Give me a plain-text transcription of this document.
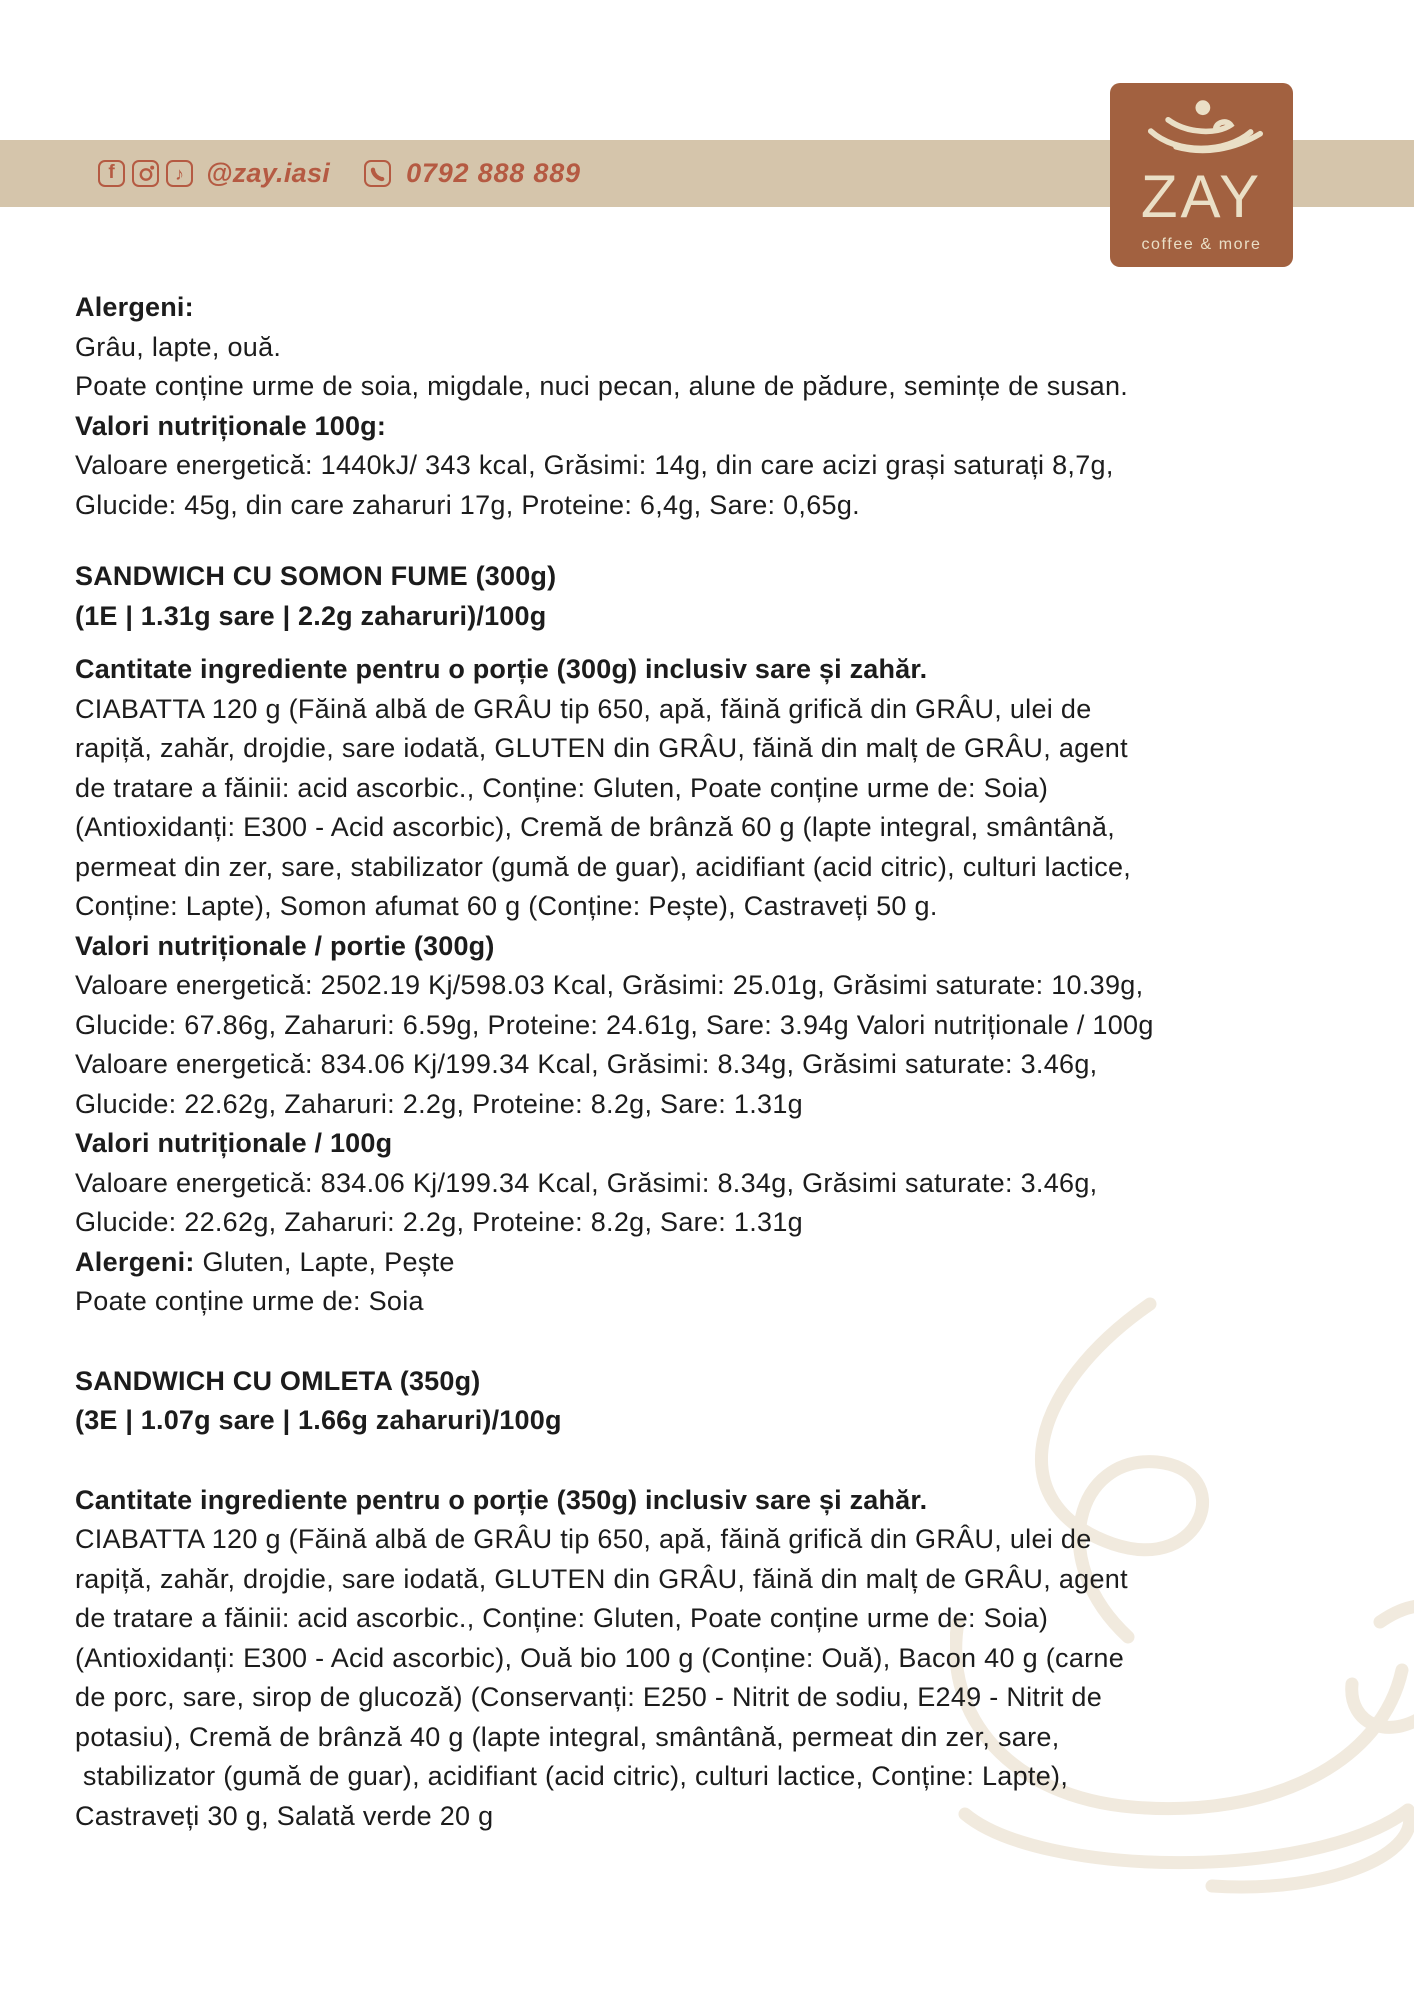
f	♪ @zay.iasi	0792 888 889	ZAY
coffee & more
Alergeni:
Grâu, lapte, ouă.
Poate conține urme de soia, migdale, nuci pecan, alune de pădure, semințe de susan.
Valori nutriționale 100g:
Valoare energetică: 1440kJ/ 343 kcal, Grăsimi: 14g, din care acizi grași saturați 8,7g,
Glucide: 45g, din care zaharuri 17g, Proteine: 6,4g, Sare: 0,65g.
SANDWICH CU SOMON FUME (300g)
(1E | 1.31g sare | 2.2g zaharuri)/100g
Cantitate ingrediente pentru o porție (300g) inclusiv sare și zahăr.
CIABATTA 120 g (Făină albă de GRÂU tip 650, apă, făină grifică din GRÂU, ulei de
rapiță, zahăr, drojdie, sare iodată, GLUTEN din GRÂU, făină din malț de GRÂU, agent
de tratare a făinii: acid ascorbic., Conține: Gluten, Poate conține urme de: Soia)
(Antioxidanți: E300 - Acid ascorbic), Cremă de brânză 60 g (lapte integral, smântână,
permeat din zer, sare, stabilizator (gumă de guar), acidifiant (acid citric), culturi lactice,
Conține: Lapte), Somon afumat 60 g (Conține: Pește), Castraveți 50 g.
Valori nutriționale / portie (300g)
Valoare energetică: 2502.19 Kj/598.03 Kcal, Grăsimi: 25.01g, Grăsimi saturate: 10.39g,
Glucide: 67.86g, Zaharuri: 6.59g, Proteine: 24.61g, Sare: 3.94g Valori nutriționale / 100g
Valoare energetică: 834.06 Kj/199.34 Kcal, Grăsimi: 8.34g, Grăsimi saturate: 3.46g,
Glucide: 22.62g, Zaharuri: 2.2g, Proteine: 8.2g, Sare: 1.31g
Valori nutriționale / 100g
Valoare energetică: 834.06 Kj/199.34 Kcal, Grăsimi: 8.34g, Grăsimi saturate: 3.46g,
Glucide: 22.62g, Zaharuri: 2.2g, Proteine: 8.2g, Sare: 1.31g
Alergeni: Gluten, Lapte, Pește
Poate conține urme de: Soia
SANDWICH CU OMLETA (350g)
(3E | 1.07g sare | 1.66g zaharuri)/100g
Cantitate ingrediente pentru o porție (350g) inclusiv sare și zahăr.
CIABATTA 120 g (Făină albă de GRÂU tip 650, apă, făină grifică din GRÂU, ulei de
rapiță, zahăr, drojdie, sare iodată, GLUTEN din GRÂU, făină din malț de GRÂU, agent
de tratare a făinii: acid ascorbic., Conține: Gluten, Poate conține urme de: Soia)
(Antioxidanți: E300 - Acid ascorbic), Ouă bio 100 g (Conține: Ouă), Bacon 40 g (carne
de porc, sare, sirop de glucoză) (Conservanți: E250 - Nitrit de sodiu, E249 - Nitrit de
potasiu), Cremă de brânză 40 g (lapte integral, smântână, permeat din zer, sare,
stabilizator (gumă de guar), acidifiant (acid citric), culturi lactice, Conține: Lapte),
Castraveți 30 g, Salată verde 20 g
